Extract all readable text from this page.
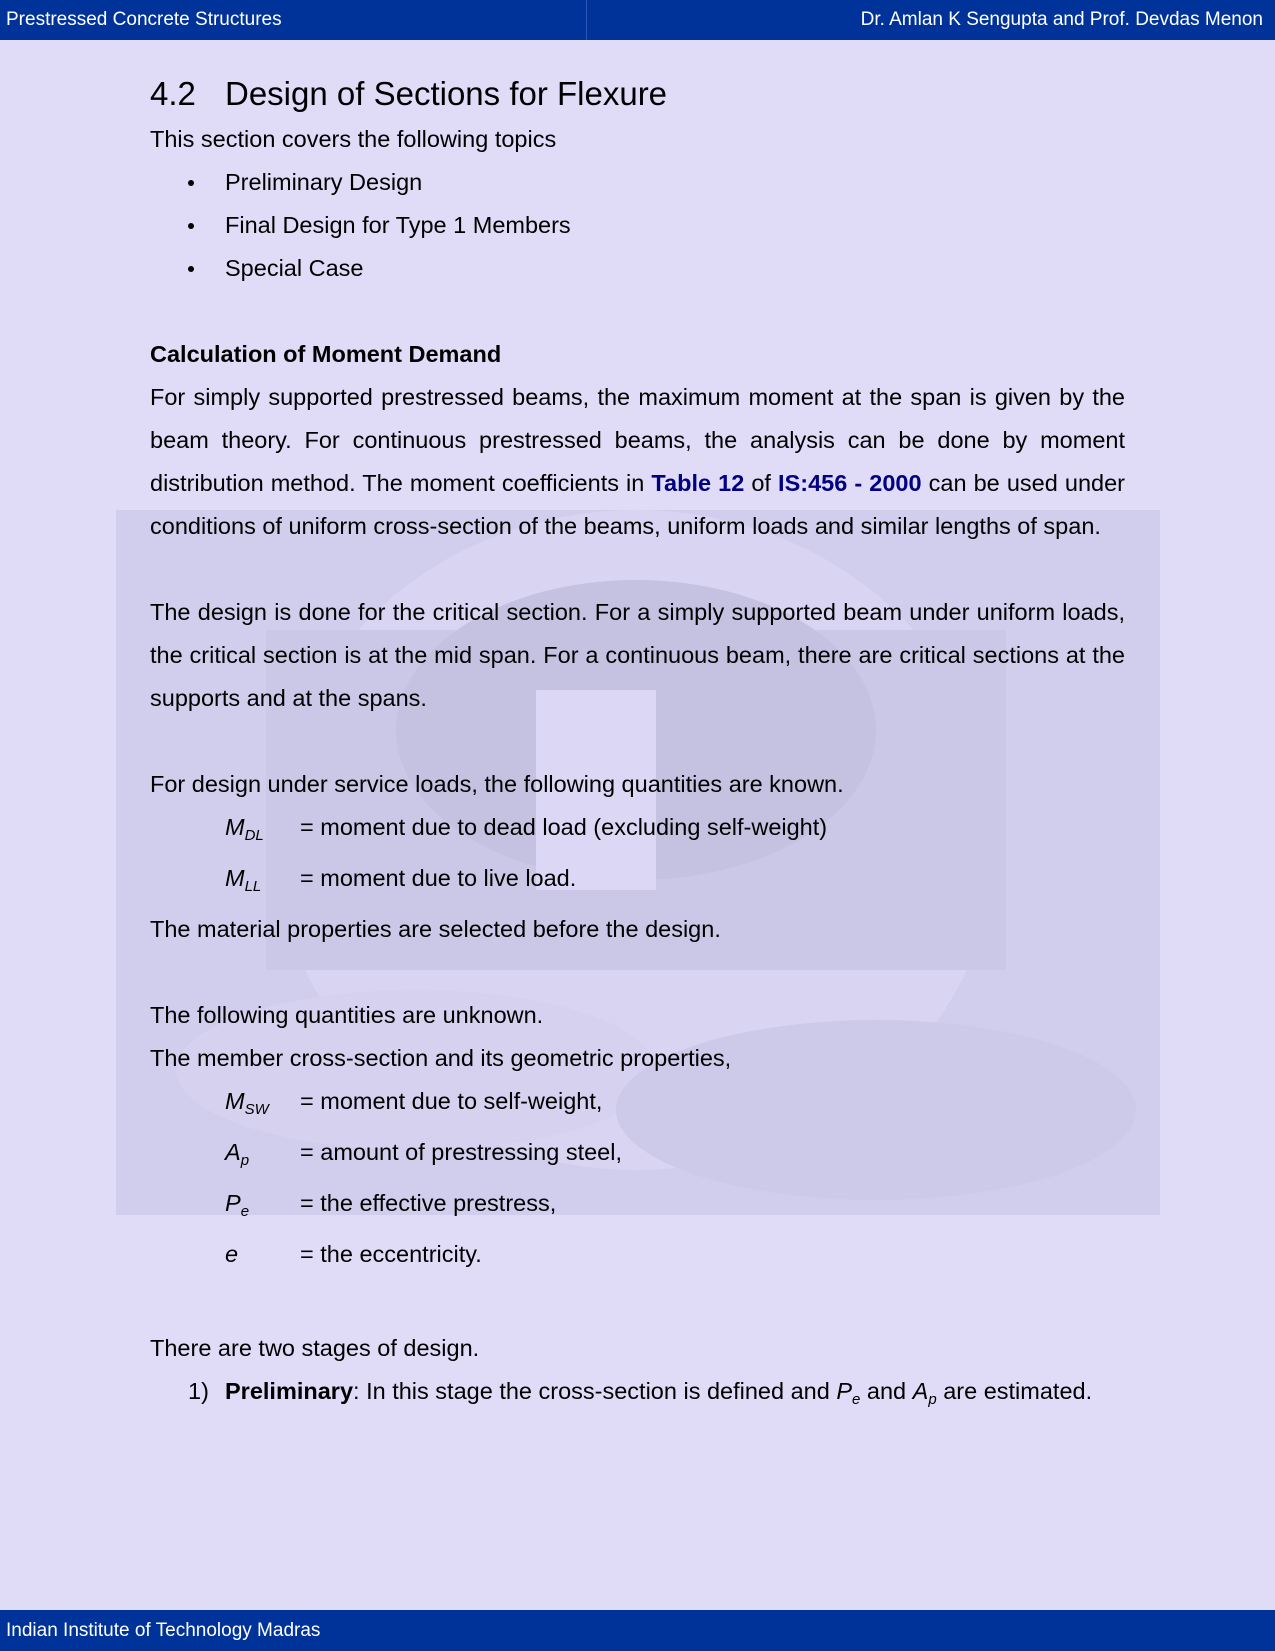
Prestressed Concrete Structures	Dr. Amlan K Sengupta and Prof. Devdas Menon
4.2 Design of Sections for Flexure

This section covers the following topics

Preliminary Design
Final Design for Type 1 Members
Special Case
Calculation of Moment Demand

For simply supported prestressed beams, the maximum moment at the span is given by the beam theory. For continuous prestressed beams, the analysis can be done by moment distribution method. The moment coefficients in Table 12 of IS:456 - 2000 can be used under conditions of uniform cross-section of the beams, uniform loads and similar lengths of span.

The design is done for the critical section. For a simply supported beam under uniform loads, the critical section is at the mid span. For a continuous beam, there are critical sections at the supports and at the spans.

For design under service loads, the following quantities are known.

$M_{DL}$ = moment due to dead load (excluding self-weight)
$M_{LL}$ = moment due to live load.

The material properties are selected before the design.

The following quantities are unknown.

The member cross-section and its geometric properties,

$M_{SW}$ = moment due to self-weight,
$A_p$ = amount of prestressing steel,
$P_e$ = the effective prestress,
e	= the eccentricity.

There are two stages of design.

1) Preliminary: In this stage the cross-section is defined and $P_e$ and $A_p$ are estimated.
Indian Institute of Technology Madras
